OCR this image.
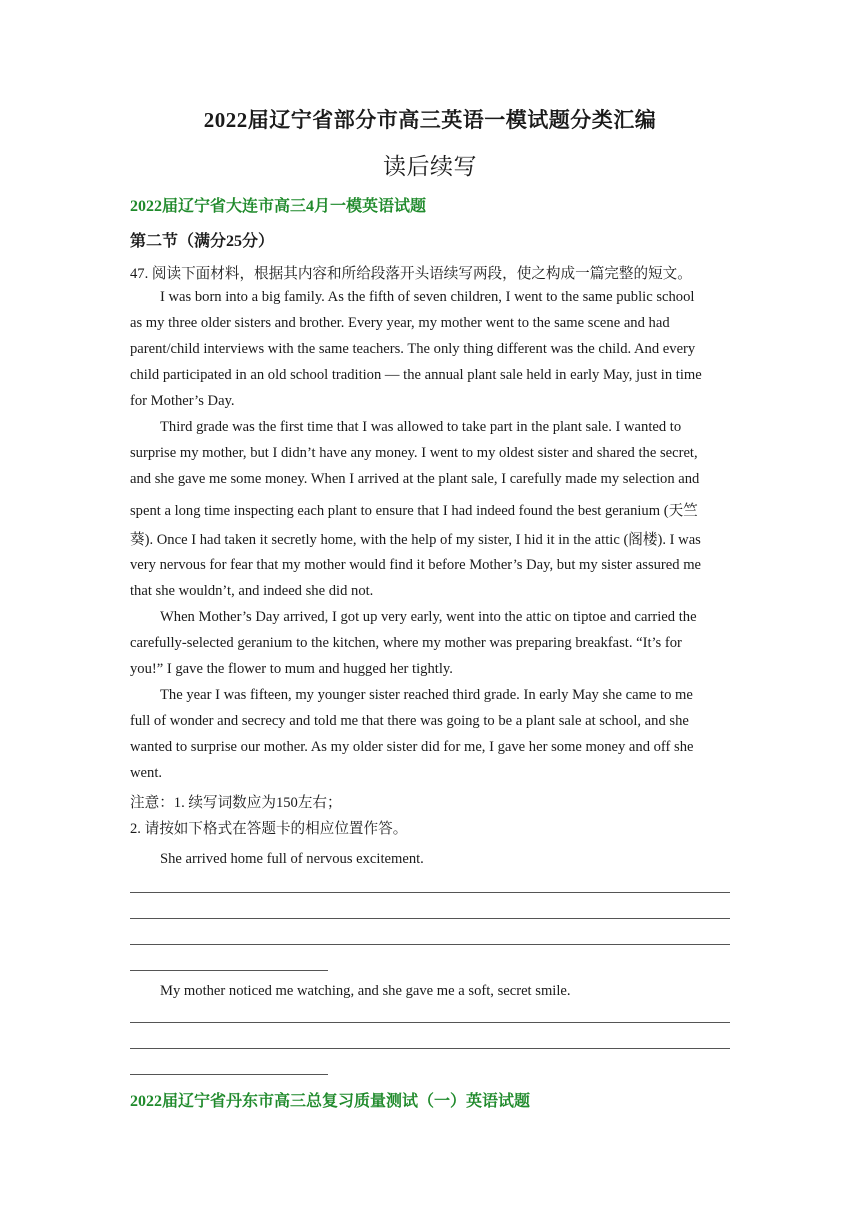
2022届辽宁省部分市高三英语一模试题分类汇编
读后续写
2022届辽宁省大连市高三4月一模英语试题
第二节（满分25分）
47. 阅读下面材料，根据其内容和所给段落开头语续写两段，使之构成一篇完整的短文。
I was born into a big family. As the fifth of seven children, I went to the same public school
as my three older sisters and brother. Every year, my mother went to the same scene and had
parent/child interviews with the same teachers. The only thing different was the child. And every
child participated in an old school tradition — the annual plant sale held in early May, just in time
for Mother’s Day.
Third grade was the first time that I was allowed to take part in the plant sale. I wanted to
surprise my mother, but I didn’t have any money. I went to my oldest sister and shared the secret,
and she gave me some money. When I arrived at the plant sale, I carefully made my selection and
spent a long time inspecting each plant to ensure that I had indeed found the best geranium (天竺
葵). Once I had taken it secretly home, with the help of my sister, I hid it in the attic (阁楼). I was
very nervous for fear that my mother would find it before Mother’s Day, but my sister assured me
that she wouldn’t, and indeed she did not.
When Mother’s Day arrived, I got up very early, went into the attic on tiptoe and carried the
carefully-selected geranium to the kitchen, where my mother was preparing breakfast. “It’s for
you!” I gave the flower to mum and hugged her tightly.
The year I was fifteen, my younger sister reached third grade. In early May she came to me
full of wonder and secrecy and told me that there was going to be a plant sale at school, and she
wanted to surprise our mother. As my older sister did for me, I gave her some money and off she
went.
注意：1. 续写词数应为150左右；
2. 请按如下格式在答题卡的相应位置作答。
She arrived home full of nervous excitement.
My mother noticed me watching, and she gave me a soft, secret smile.
2022届辽宁省丹东市高三总复习质量测试（一）英语试题
